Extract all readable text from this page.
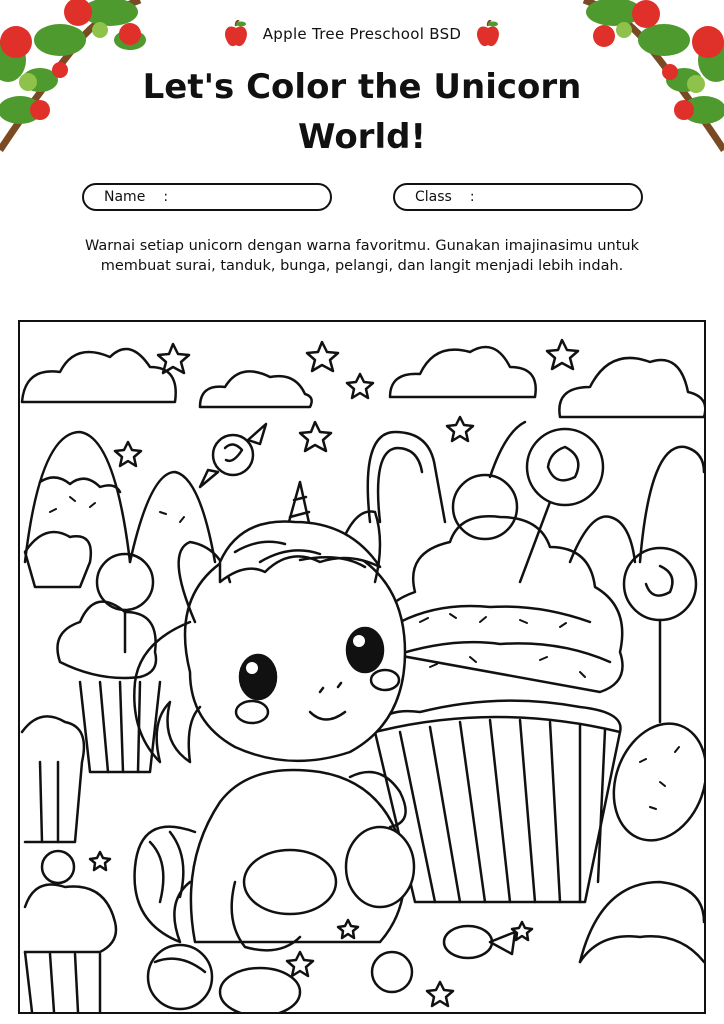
Apple Tree Preschool BSD
Let's Color the Unicorn
World!
Name :	Class :

Warnai setiap unicorn dengan warna favoritmu. Gunakan imajinasimu untuk
membuat surai, tanduk, bunga, pelangi, dan langit menjadi lebih indah.
